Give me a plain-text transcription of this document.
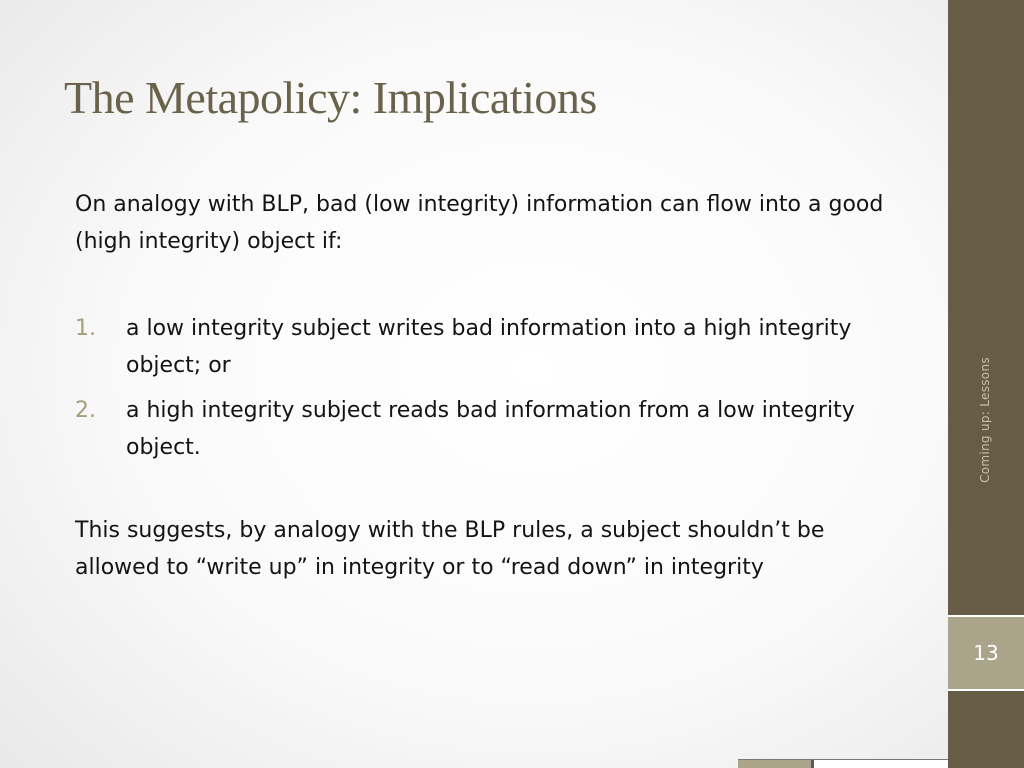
The Metapolicy: Implications

On analogy with BLP, bad (low integrity) information can flow into a good (high integrity) object if:

1. a low integrity subject writes bad information into a high integrity object; or
2. a high integrity subject reads bad information from a low integrity object.

This suggests, by analogy with the BLP rules, a subject shouldn’t be allowed to “write up” in integrity or to “read down” in integrity

Coming up: Lessons
13
